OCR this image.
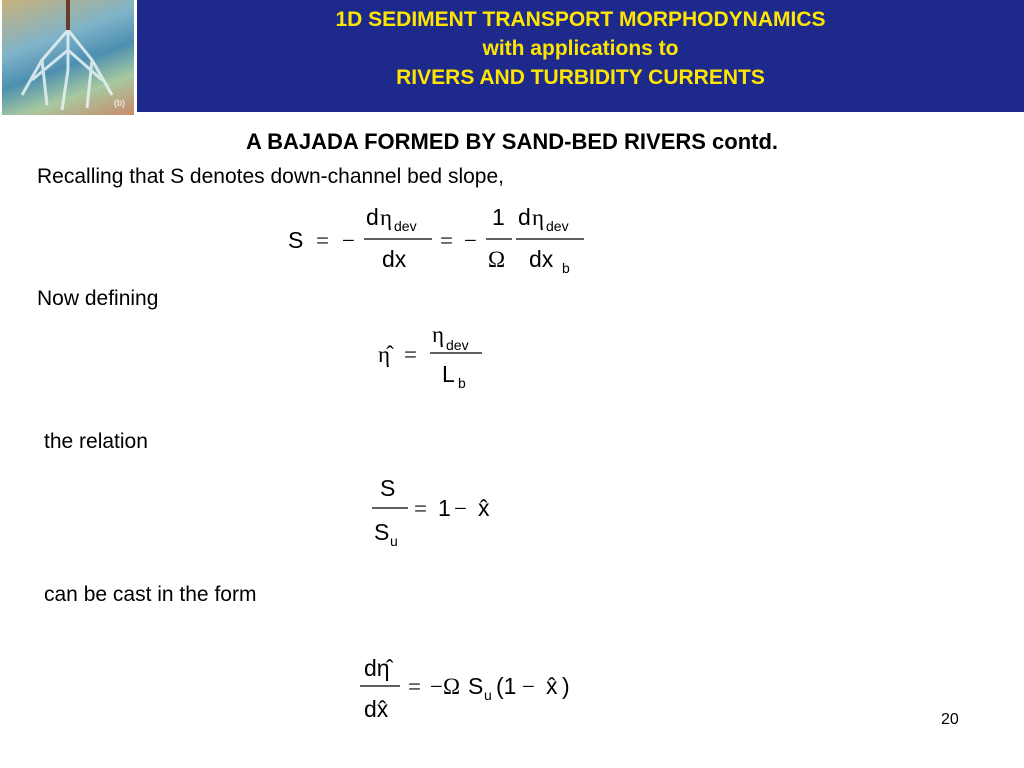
(b)
1D SEDIMENT TRANSPORT MORPHODYNAMICS
with applications to
RIVERS AND TURBIDITY CURRENTS
A BAJADA FORMED BY SAND-BED RIVERS contd.
Recalling that S denotes down-channel bed slope,
S = −
d η dev
dx
= −
1
Ω
d η dev
dx b
Now defining
η̂ =
η dev
L b
the relation
S
S u
= 1 − x̂
can be cast in the form
dη̂
dx̂
= −Ω S u (1 − x̂ )
20
